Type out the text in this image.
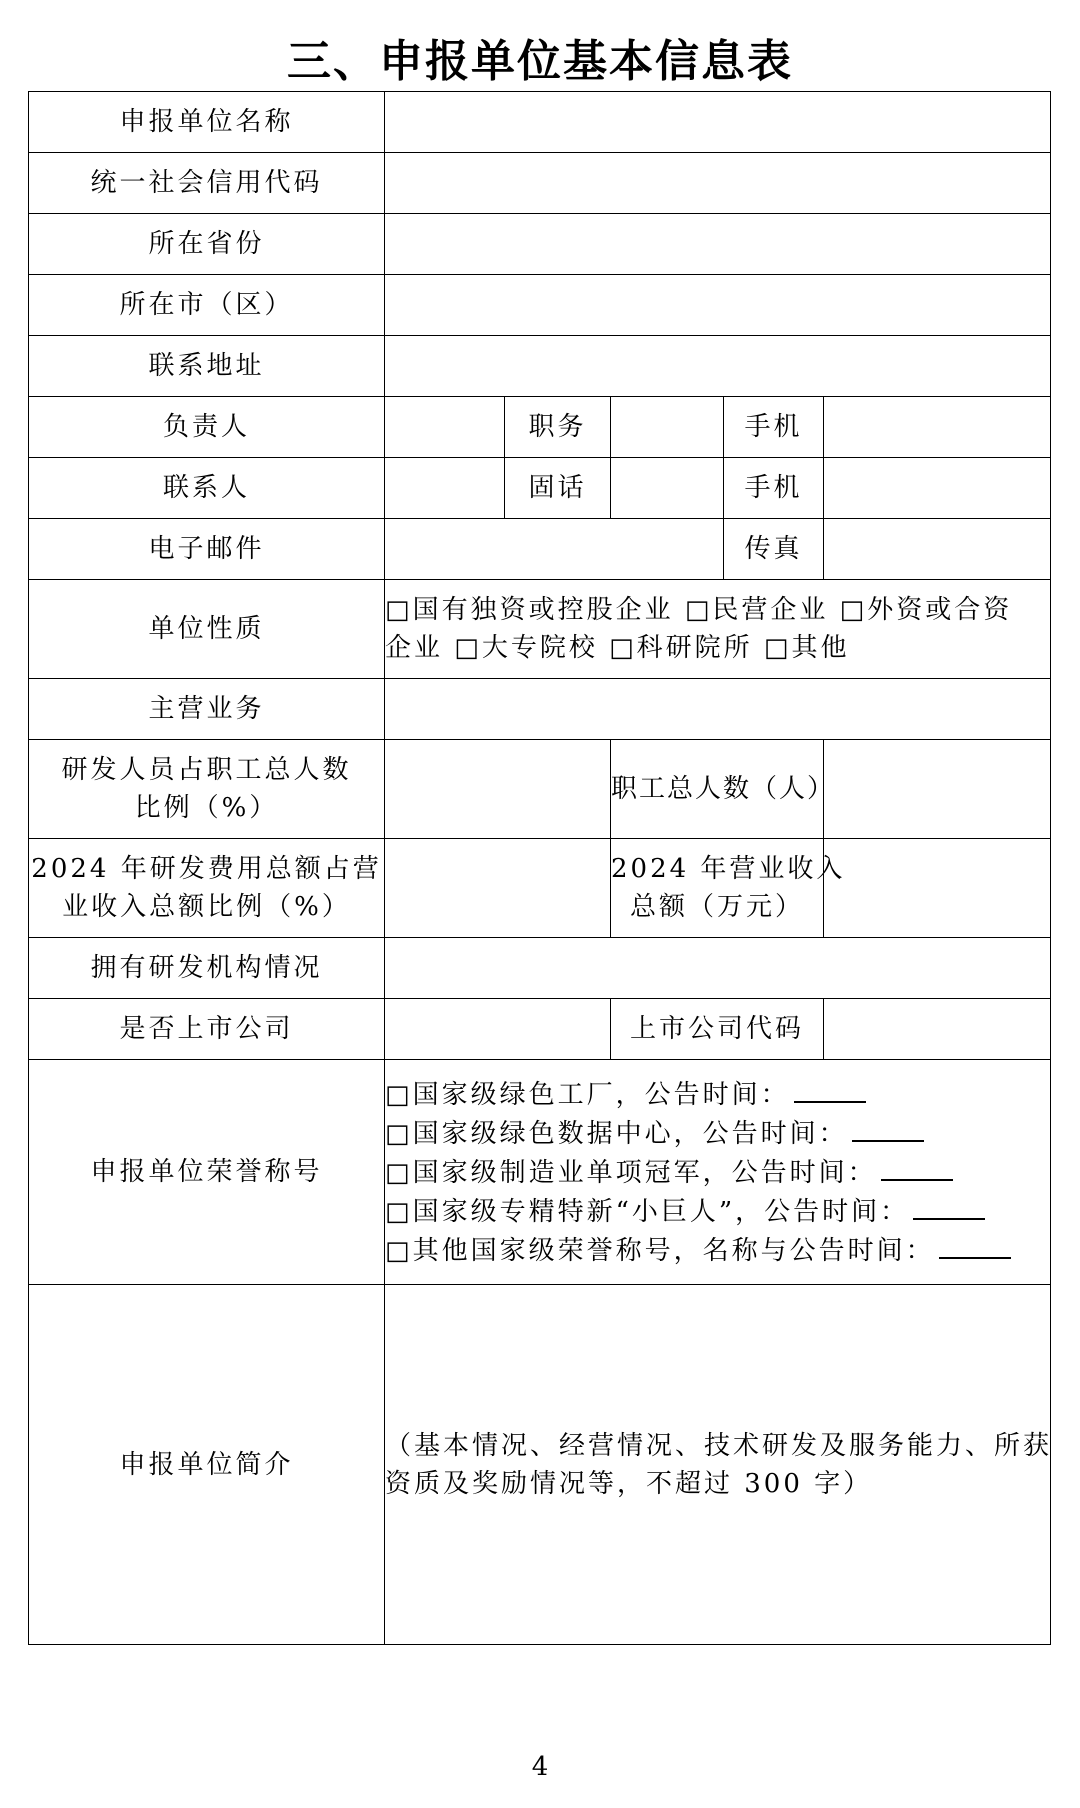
三、申报单位基本信息表
申报单位名称					
统一社会信用代码					
所在省份					
所在市（区）					
联系地址					
负责人		职务		手机	
联系人		固话		手机	
电子邮件				传真	
单位性质	□国有独资或控股企业 □民营企业 □外资或合资
企业 □大专院校 □科研院所 □其他				

主营业务					

研发人员占职工总人数
比例（%）			职工总人数（人）		

2024 年研发费用总额占营
业收入总额比例（%）			2024 年营业收入
总额（万元）		

拥有研发机构情况					
是否上市公司			上市公司代码		
申报单位荣誉称号	□国家级绿色工厂，公告时间：
□国家级绿色数据中心，公告时间：
□国家级制造业单项冠军，公告时间：
□国家级专精特新“小巨人”，公告时间：
□其他国家级荣誉称号，名称与公告时间：				

申报单位简介	（基本情况、经营情况、技术研发及服务能力、所获
资质及奖励情况等，不超过 300 字）				
4
